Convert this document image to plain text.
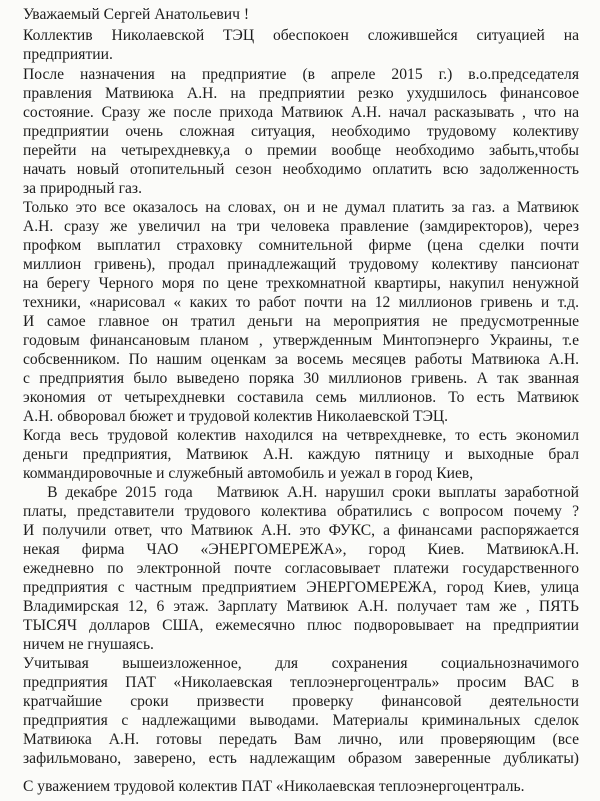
Уважаемый Сергей Анатольевич !
Коллектив Николаевской ТЭЦ обеспокоен сложившейся ситуацией на
предприятии.
После назначения на предприятие (в апреле 2015 г.) в.о.председателя
правления Матвиюка А.Н. на предприятии резко ухудшилось финансовое
состояние. Сразу же после прихода Матвиюк А.Н. начал расказывать , что на
предприятии очень сложная ситуация, необходимо трудовому колективу
перейти на четырехдневку,а о премии вообще необходимо забыть,чтобы
начать новый отопительный сезон необходимо оплатить всю задолженность
за природный газ.
Только это все оказалось на словах, он и не думал платить за газ. а Матвиюк
А.Н. сразу же увеличил на три человека правление (замдиректоров), через
профком выплатил страховку сомнительной фирме (цена сделки почти
миллион гривень), продал принадлежащий трудовому колективу пансионат
на берегу Черного моря по цене трехкомнатной квартиры, накупил ненужной
техники, «нарисовал « каких то работ почти на 12 миллионов гривень и т.д.
И самое главное он тратил деньги на мероприятия не предусмотренные
годовым финансановым планом , утвержденным Минтопэнерго Украины, т.е
собсвенником. По нашим оценкам за восемь месяцев работы Матвиюка А.Н.
с предприятия было выведено поряка 30 миллионов гривень. А так званная
экономия от четырехдневки составила семь миллионов. То есть Матвиюк
А.Н. обворовал бюжет и трудовой колектив Николаевской ТЭЦ.
Когда весь трудовой колектив находился на четврехдневке, то есть экономил
деньги предприятия, Матвиюк А.Н. каждую пятницу и выходные брал
коммандировочные и служебный автомобиль и уежал в город Киев,
В декабре 2015 года   Матвиюк А.Н. нарушил сроки выплаты заработной
платы, представители трудового колектива обратились с вопросом почему ?
И получили ответ, что Матвиюк А.Н. это ФУКС, а финансами распоряжается
некая фирма ЧАО «ЭНЕРГОМЕРЕЖА», город Киев. МатвиюкА.Н.
ежедневно по электронной почте согласовывает платежи государственного
предприятия с частным предприятием ЭНЕРГОМЕРЕЖА, город Киев, улица
Владимирская 12, 6 этаж. Зарплату Матвиюк А.Н. получает там же , ПЯТЬ
ТЫСЯЧ долларов США, ежемесячно плюс подворовывает на предприятии
ничем не гнушаясь.
Учитывая вышеизложенное, для сохранения социальнозначимого
предприятия ПАТ «Николаевская теплоэнергоцентраль» просим ВАС в
кратчайшие сроки призвести проверку финансовой деятельности
предприятия с надлежащими выводами. Материалы криминальных сделок
Матвиюка А.Н. готовы передать Вам лично, или проверяющим (все
зафильмовано, заверено, есть надлежащим образом заверенные дубликаты)
С уважением трудовой колектив ПАТ «Николаевская теплоэнергоцентраль.
